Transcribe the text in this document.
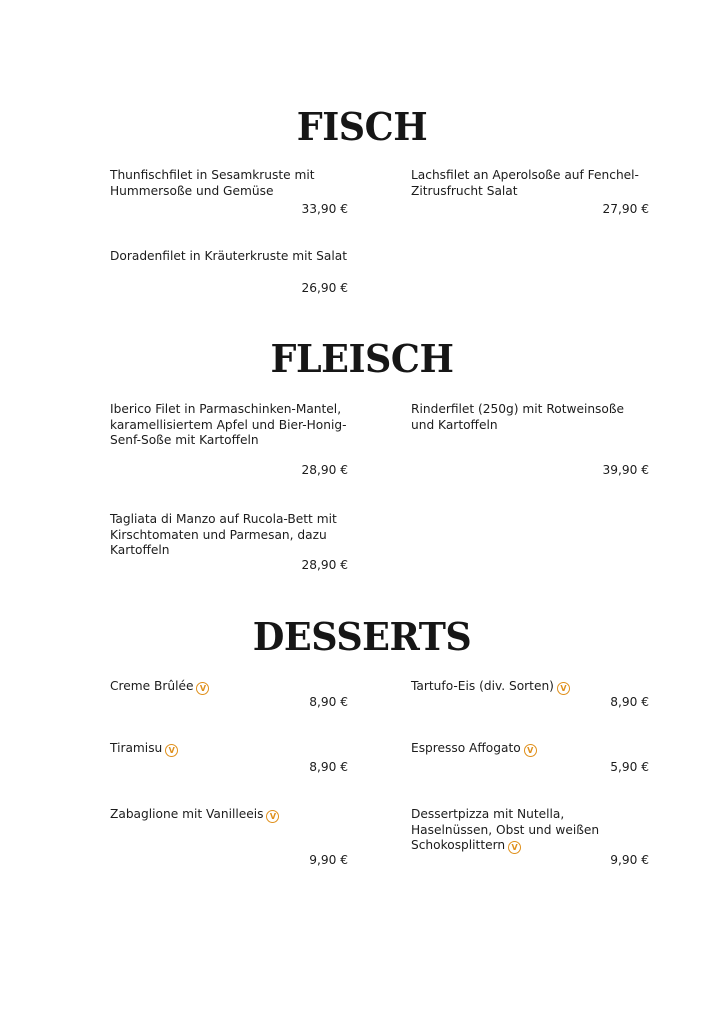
FISCH
Thunfischfilet in Sesamkruste mit Hummersoße und Gemüse
33,90 €
Lachsfilet an Aperolsoße auf Fenchel-Zitrusfrucht Salat
27,90 €
Doradenfilet in Kräuterkruste mit Salat
26,90 €
FLEISCH
Iberico Filet in Parmaschinken-Mantel, karamellisiertem Apfel und Bier-Honig-Senf-Soße mit Kartoffeln
28,90 €
Rinderfilet (250g) mit Rotweinsoße und Kartoffeln
39,90 €
Tagliata di Manzo auf Rucola-Bett mit Kirschtomaten und Parmesan, dazu Kartoffeln
28,90 €
DESSERTS
Creme Brûlée V
8,90 €
Tartufo-Eis (div. Sorten) V
8,90 €
Tiramisu V
8,90 €
Espresso Affogato V
5,90 €
Zabaglione mit Vanilleeis V
9,90 €
Dessertpizza mit Nutella, Haselnüssen, Obst und weißen Schokosplittern V
9,90 €
